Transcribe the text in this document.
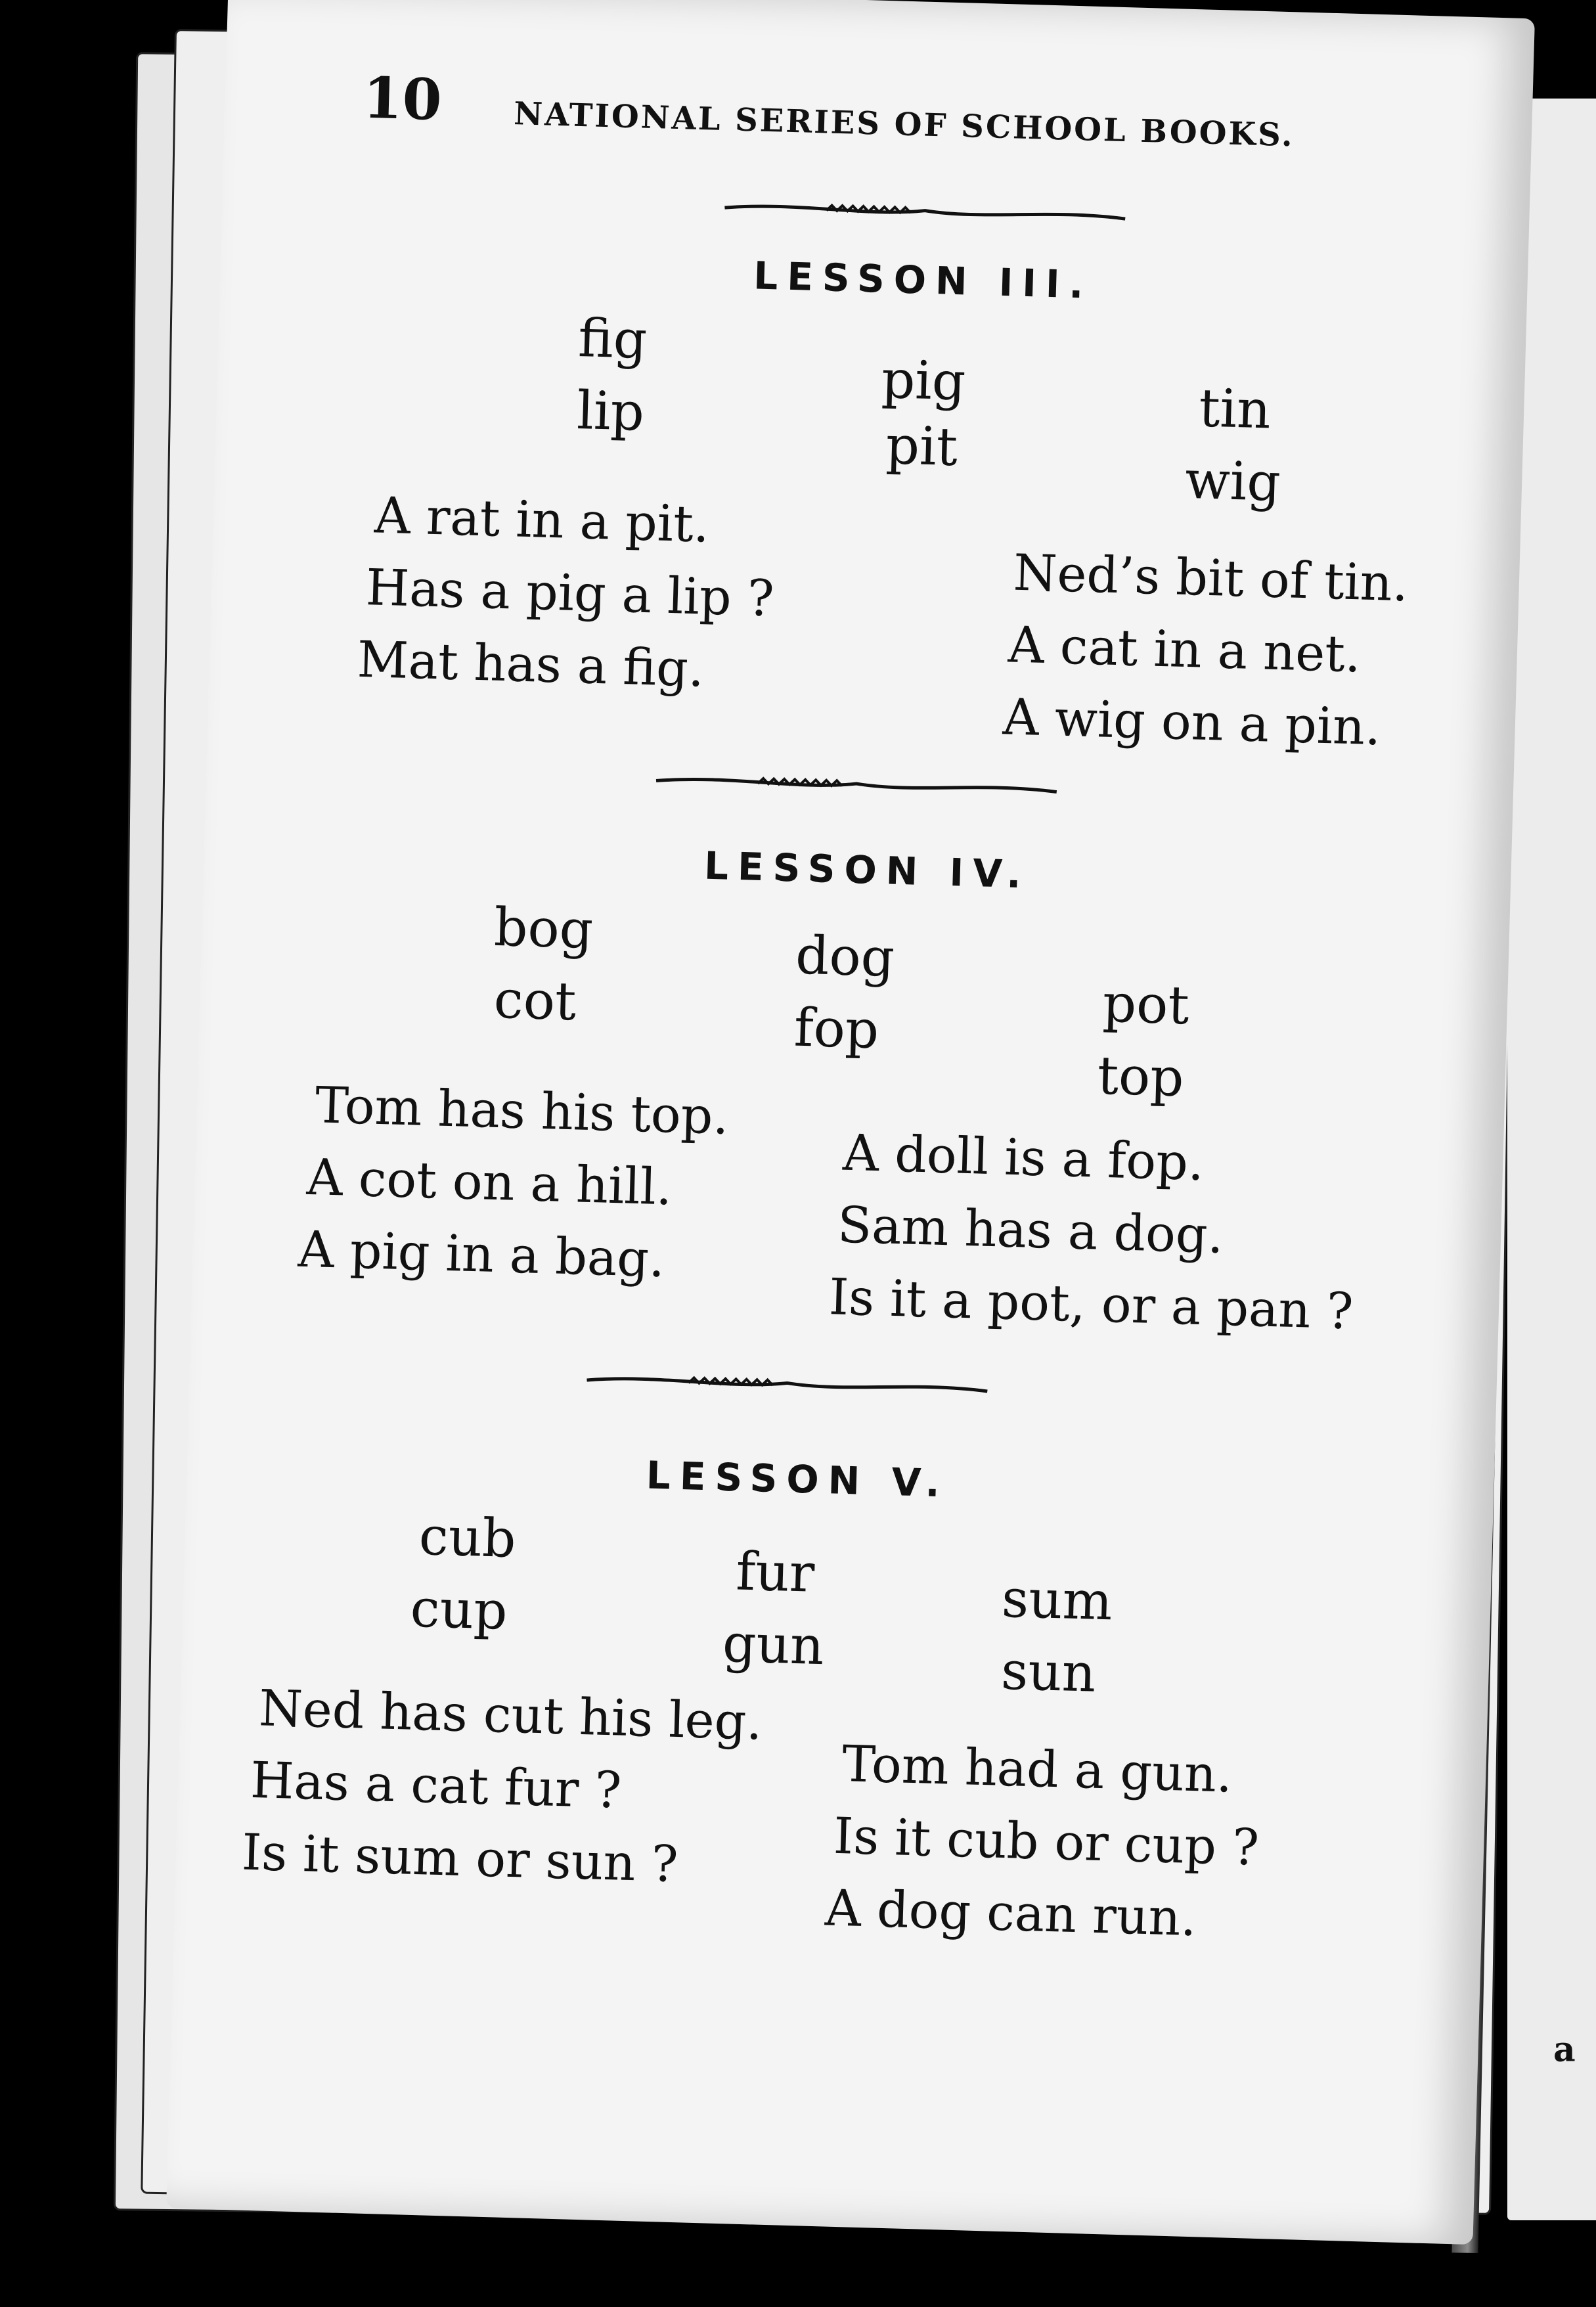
a
10 NATIONAL SERIES OF SCHOOL BOOKS.
LESSON III.
fig
lip	pig
pit
tin
wig
A rat in a pit.
Has a pig a lip ?
Mat has a fig.
Ned’s bit of tin.
A cat in a net.
A wig on a pin.
LESSON IV.
bog
cot
dog
fop	pot
top
Tom has his top.
A cot on a hill.
A pig in a bag.
A doll is a fop.
Sam has a dog.
Is it a pot, or a pan ?
LESSON V.
cub
cup
fur
gun
sum
sun
Ned has cut his leg.
Has a cat fur ?
Is it sum or sun ?
Tom had a gun.
Is it cub or cup ?
A dog can run.
